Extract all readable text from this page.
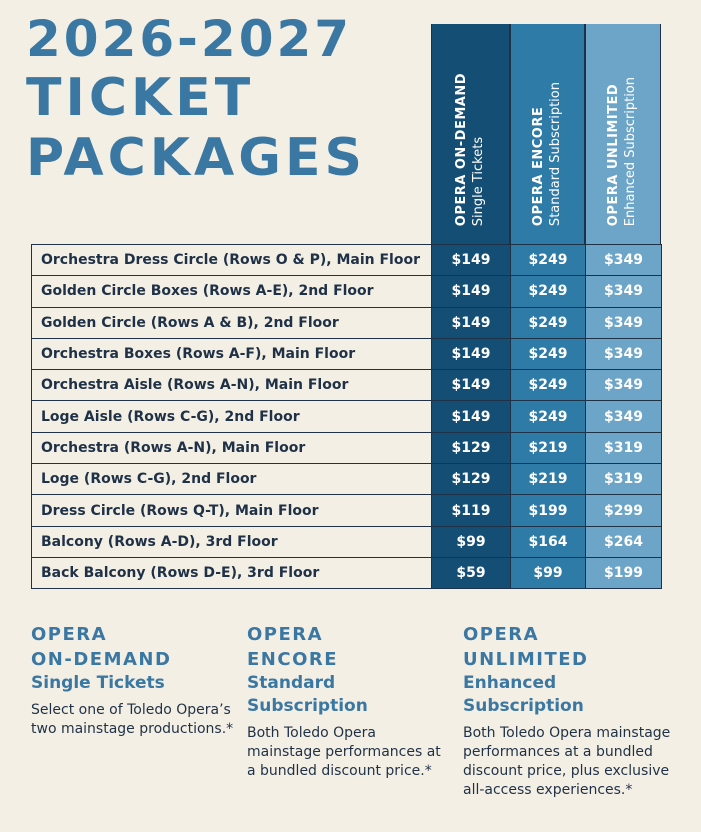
2026-2027
TICKET
PACKAGES	OPERA ON-DEMAND Single Tickets	OPERA ENCORE Standard Subscription	OPERA UNLIMITED Enhanced Subscription
Orchestra Dress Circle (Rows O & P), Main Floor	$149	$249	$349
Golden Circle Boxes (Rows A-E), 2nd Floor	$149	$249	$349
Golden Circle (Rows A & B), 2nd Floor	$149	$249	$349
Orchestra Boxes (Rows A-F), Main Floor	$149	$249	$349
Orchestra Aisle (Rows A-N), Main Floor	$149	$249	$349
Loge Aisle (Rows C-G), 2nd Floor	$149	$249	$349
Orchestra (Rows A-N), Main Floor	$129	$219	$319
Loge (Rows C-G), 2nd Floor	$129	$219	$319
Dress Circle (Rows Q-T), Main Floor	$119	$199	$299
Balcony (Rows A-D), 3rd Floor	$99	$164	$264
Back Balcony (Rows D-E), 3rd Floor	$59	$99	$199
OPERA
ON-DEMAND
Single Tickets
Select one of Toledo Opera’s two mainstage productions.*
OPERA
ENCORE
Standard
Subscription
Both Toledo Opera mainstage performances at a bundled discount price.*
OPERA
UNLIMITED
Enhanced
Subscription
Both Toledo Opera mainstage performances at a bundled discount price, plus exclusive all-access experiences.*
